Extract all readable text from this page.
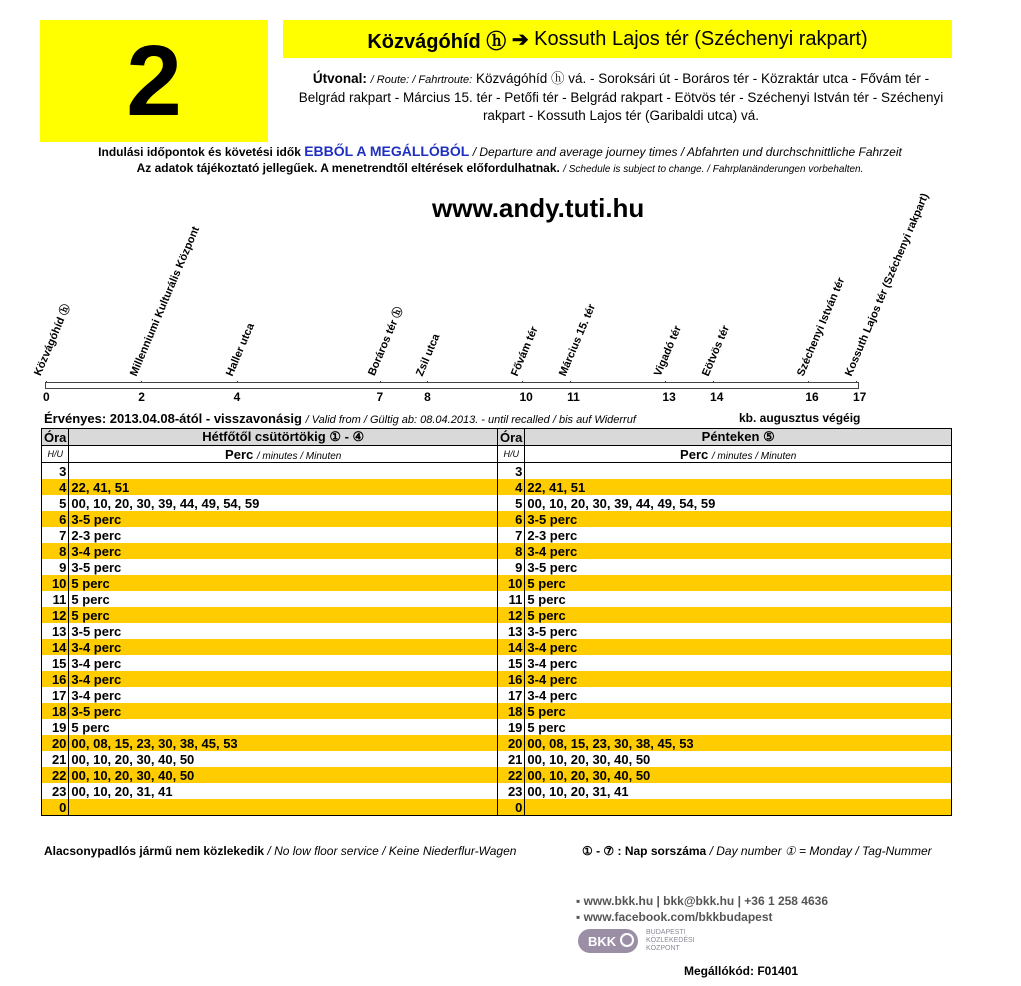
2	Közvágóhíd ⓗ
➔
Kossuth Lajos tér (Széchenyi rakpart)
Útvonal: / Route: / Fahrtroute: Közvágóhíd ⓗ vá. - Soroksári út - Boráros tér - Közraktár utca - Fővám tér - Belgrád rakpart - Március 15. tér - Petőfi tér - Belgrád rakpart - Eötvös tér - Széchenyi István tér - Széchenyi rakpart - Kossuth Lajos tér (Garibaldi utca) vá.
Indulási időpontok és követési idők EBBŐL A MEGÁLLÓBÓL / Departure and average journey times / Abfahrten und durchschnittliche Fahrzeit
Az adatok tájékoztató jellegűek. A menetrendtől eltérések előfordulhatnak. / Schedule is subject to change. / Fahrplanänderungen vorbehalten.
www.andy.tuti.hu
Közvágóhíd ⓗ
0
Millenniumi Kulturális Központ
2
Haller utca
4
Boráros tér ⓗ
7
Zsil utca
8
Fővám tér
10
Március 15. tér
11
Vigadó tér
13
Eötvös tér
14
Széchenyi István tér
16
Kossuth Lajos tér (Széchenyi rakpart)
17
Érvényes: 2013.04.08-ától - visszavonásig / Valid from / Gültig ab: 08.04.2013. - until recalled / bis auf Widerruf	kb. augusztus végéig
Óra	Hétfőtől csütörtökig ① - ④
H/U	Perc / minutes / Minuten
3	
4	22, 41, 51
5	00, 10, 20, 30, 39, 44, 49, 54, 59
6	3-5 perc
7	2-3 perc
8	3-4 perc
9	3-5 perc
10	5 perc
11	5 perc
12	5 perc
13	3-5 perc
14	3-4 perc
15	3-4 perc
16	3-4 perc
17	3-4 perc
18	3-5 perc
19	5 perc
20	00, 08, 15, 23, 30, 38, 45, 53
21	00, 10, 20, 30, 40, 50
22	00, 10, 20, 30, 40, 50
23	00, 10, 20, 31, 41
0	
Óra	Pénteken ⑤
H/U	Perc / minutes / Minuten
3	
4	22, 41, 51
5	00, 10, 20, 30, 39, 44, 49, 54, 59
6	3-5 perc
7	2-3 perc
8	3-4 perc
9	3-5 perc
10	5 perc
11	5 perc
12	5 perc
13	3-5 perc
14	3-4 perc
15	3-4 perc
16	3-4 perc
17	3-4 perc
18	5 perc
19	5 perc
20	00, 08, 15, 23, 30, 38, 45, 53
21	00, 10, 20, 30, 40, 50
22	00, 10, 20, 30, 40, 50
23	00, 10, 20, 31, 41
0	
Alacsonypadlós jármű nem közlekedik / No low floor service / Keine Niederflur-Wagen	① - ⑦ : Nap sorszáma / Day number ① = Monday / Tag-Nummer
▪ www.bkk.hu | bkk@bkk.hu | +36 1 258 4636
▪ www.facebook.com/bkkbudapest
BKK
BUDAPESTI
KÖZLEKEDÉSI
KÖZPONT
Megállókód: F01401
